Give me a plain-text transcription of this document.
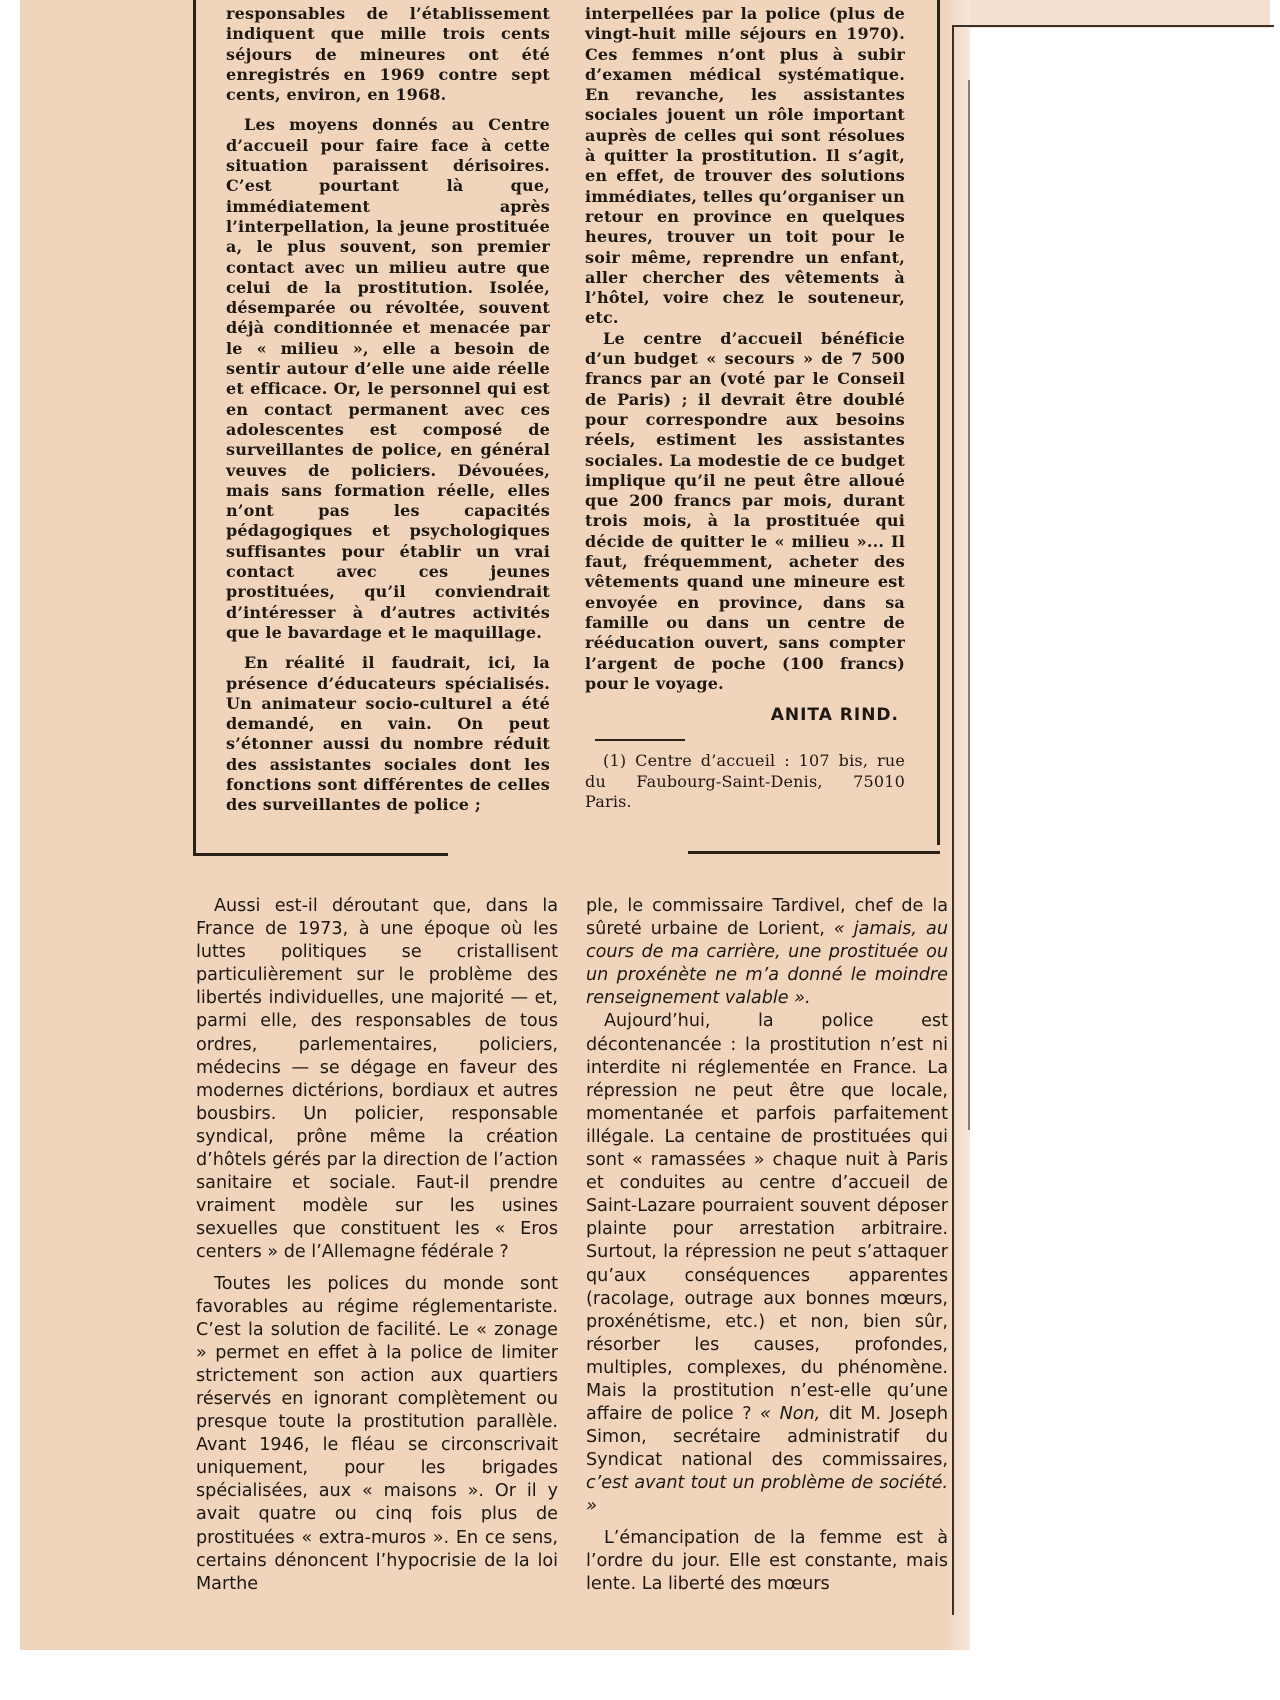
responsables de l’établissement indiquent que mille trois cents séjours de mineures ont été enregistrés en 1969 contre sept cents, environ, en 1968.

Les moyens donnés au Centre d’accueil pour faire face à cette situation paraissent dérisoires. C’est pourtant là que, immédiatement après l’interpellation, la jeune prostituée a, le plus souvent, son premier contact avec un milieu autre que celui de la prostitution. Isolée, désemparée ou révoltée, souvent déjà conditionnée et menacée par le « milieu », elle a besoin de sentir autour d’elle une aide réelle et efficace. Or, le personnel qui est en contact permanent avec ces adolescentes est composé de surveillantes de police, en général veuves de policiers. Dévouées, mais sans formation réelle, elles n’ont pas les capacités pédagogiques et psychologiques suffisantes pour établir un vrai contact avec ces jeunes prostituées, qu’il conviendrait d’intéresser à d’autres activités que le bavardage et le maquillage.

En réalité il faudrait, ici, la présence d’éducateurs spécialisés. Un animateur socio-culturel a été demandé, en vain. On peut s’étonner aussi du nombre réduit des assistantes sociales dont les fonctions sont différentes de celles des surveillantes de police ;

interpellées par la police (plus de vingt-huit mille séjours en 1970). Ces femmes n’ont plus à subir d’examen médical systématique. En revanche, les assistantes sociales jouent un rôle important auprès de celles qui sont résolues à quitter la prostitution. Il s’agit, en effet, de trouver des solutions immédiates, telles qu’organiser un retour en province en quelques heures, trouver un toit pour le soir même, reprendre un enfant, aller chercher des vêtements à l’hôtel, voire chez le souteneur, etc.

Le centre d’accueil bénéficie d’un budget « secours » de 7 500 francs par an (voté par le Conseil de Paris) ; il devrait être doublé pour correspondre aux besoins réels, estiment les assistantes sociales. La modestie de ce budget implique qu’il ne peut être alloué que 200 francs par mois, durant trois mois, à la prostituée qui décide de quitter le « milieu »... Il faut, fréquemment, acheter des vêtements quand une mineure est envoyée en province, dans sa famille ou dans un centre de rééducation ouvert, sans compter l’argent de poche (100 francs) pour le voyage.

ANITA RIND.

(1) Centre d’accueil : 107 bis, rue du Faubourg-Saint-Denis, 75010 Paris.

Aussi est-il déroutant que, dans la France de 1973, à une époque où les luttes politiques se cristallisent particulièrement sur le problème des libertés individuelles, une majorité — et, parmi elle, des responsables de tous ordres, parlementaires, policiers, médecins — se dégage en faveur des modernes dictérions, bordiaux et autres bousbirs. Un policier, responsable syndical, prône même la création d’hôtels gérés par la direction de l’action sanitaire et sociale. Faut-il prendre vraiment modèle sur les usines sexuelles que constituent les « Eros centers » de l’Allemagne fédérale ?

Toutes les polices du monde sont favorables au régime réglementariste. C’est la solution de facilité. Le « zonage » permet en effet à la police de limiter strictement son action aux quartiers réservés en ignorant complètement ou presque toute la prostitution parallèle. Avant 1946, le fléau se circonscrivait uniquement, pour les brigades spécialisées, aux « maisons ». Or il y avait quatre ou cinq fois plus de prostituées « extra-muros ». En ce sens, certains dénoncent l’hypocrisie de la loi Marthe

ple, le commissaire Tardivel, chef de la sûreté urbaine de Lorient, « jamais, au cours de ma carrière, une prostituée ou un proxénète ne m’a donné le moindre renseignement valable ».

Aujourd’hui, la police est décontenancée : la prostitution n’est ni interdite ni réglementée en France. La répression ne peut être que locale, momentanée et parfois parfaitement illégale. La centaine de prostituées qui sont « ramassées » chaque nuit à Paris et conduites au centre d’accueil de Saint-Lazare pourraient souvent déposer plainte pour arrestation arbitraire. Surtout, la répression ne peut s’attaquer qu’aux conséquences apparentes (racolage, outrage aux bonnes mœurs, proxénétisme, etc.) et non, bien sûr, résorber les causes, profondes, multiples, complexes, du phénomène. Mais la prostitution n’est-elle qu’une affaire de police ? « Non, dit M. Joseph Simon, secrétaire administratif du Syndicat national des commissaires, c’est avant tout un problème de société. »

L’émancipation de la femme est à l’ordre du jour. Elle est constante, mais lente. La liberté des mœurs
